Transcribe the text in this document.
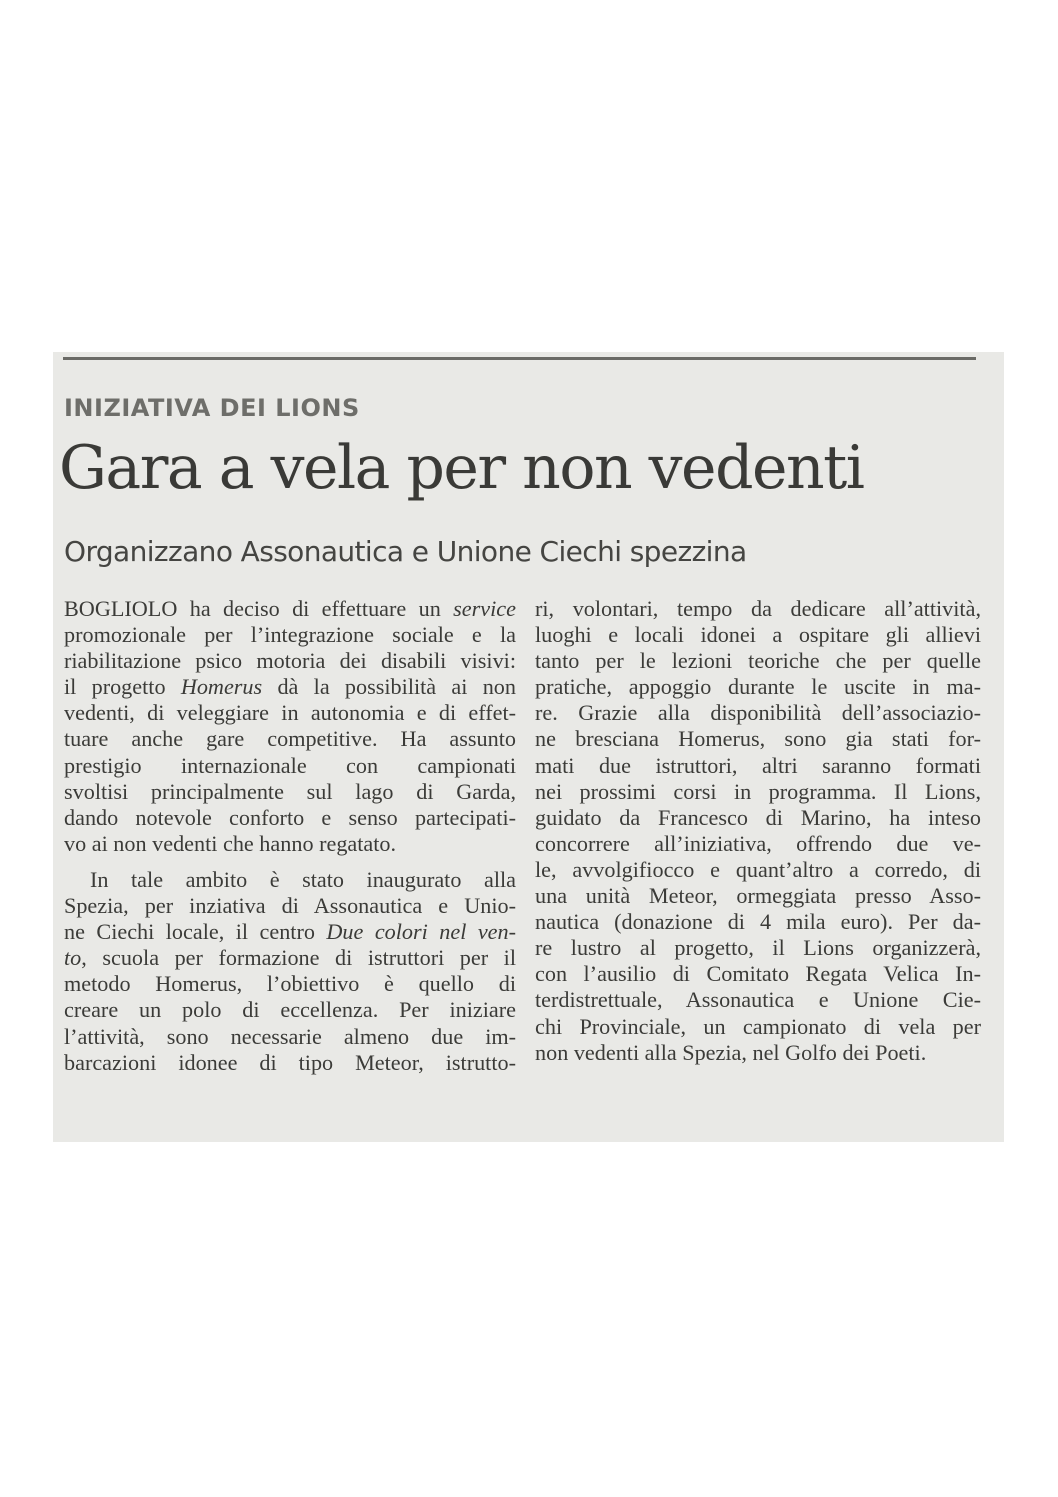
INIZIATIVA DEI LIONS
Gara a vela per non vedenti
Organizzano Assonautica e Unione Ciechi spezzina

BOGLIOLO ha deciso di effettuare un service
promozionale per l’integrazione sociale e la
riabilitazione psico motoria dei disabili visivi:
il progetto Homerus dà la possibilità ai non
vedenti, di veleggiare in autonomia e di effet-
tuare anche gare competitive. Ha assunto
prestigio internazionale con campionati
svoltisi principalmente sul lago di Garda,
dando notevole conforto e senso partecipati-
vo ai non vedenti che hanno regatato.

In tale ambito è stato inaugurato alla
Spezia, per inziativa di Assonautica e Unio-
ne Ciechi locale, il centro Due colori nel ven-
to, scuola per formazione di istruttori per il
metodo Homerus, l’obiettivo è quello di
creare un polo di eccellenza. Per iniziare
l’attività, sono necessarie almeno due im-
barcazioni idonee di tipo Meteor, istrutto-

ri, volontari, tempo da dedicare all’attività,
luoghi e locali idonei a ospitare gli allievi
tanto per le lezioni teoriche che per quelle
pratiche, appoggio durante le uscite in ma-
re. Grazie alla disponibilità dell’associazio-
ne bresciana Homerus, sono gia stati for-
mati due istruttori, altri saranno formati
nei prossimi corsi in programma. Il Lions,
guidato da Francesco di Marino, ha inteso
concorrere all’iniziativa, offrendo due ve-
le, avvolgifiocco e quant’altro a corredo, di
una unità Meteor, ormeggiata presso Asso-
nautica (donazione di 4 mila euro). Per da-
re lustro al progetto, il Lions organizzerà,
con l’ausilio di Comitato Regata Velica In-
terdistrettuale, Assonautica e Unione Cie-
chi Provinciale, un campionato di vela per
non vedenti alla Spezia, nel Golfo dei Poeti.
